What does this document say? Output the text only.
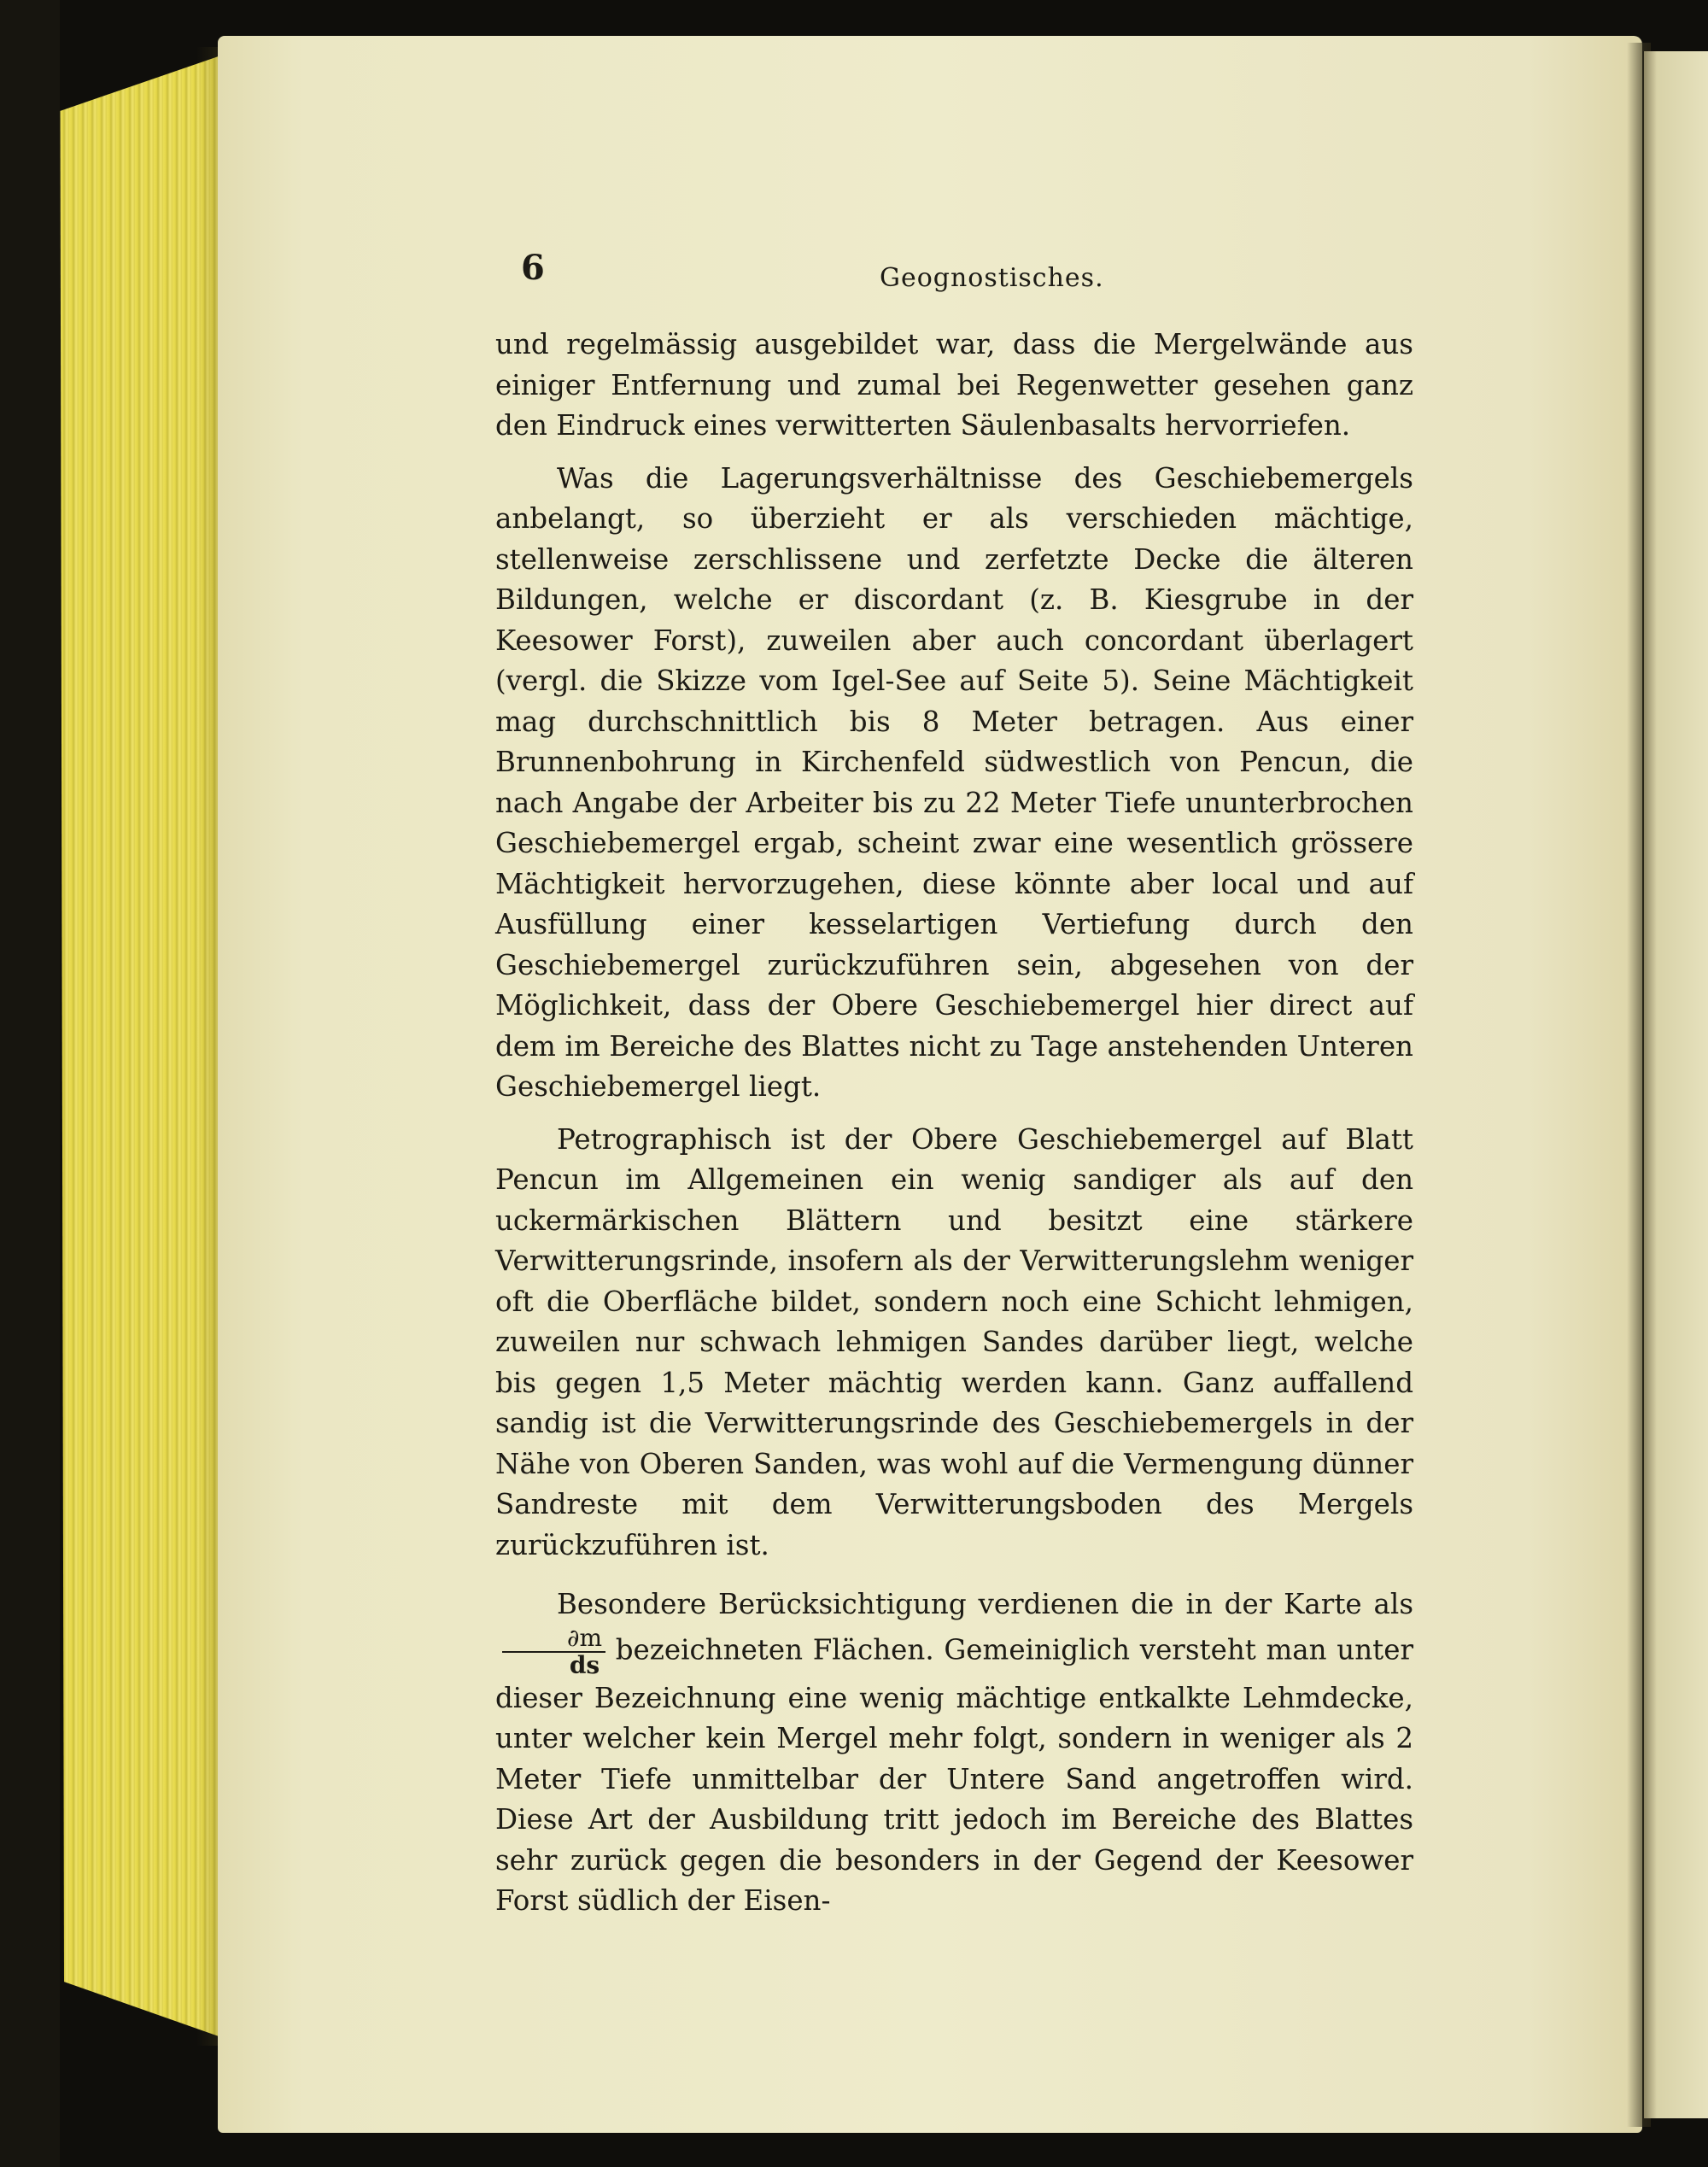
6	Geognostisches.

und regelmässig ausgebildet war, dass die Mergelwände aus einiger Entfernung und zumal bei Regenwetter gesehen ganz den Eindruck eines verwitterten Säulenbasalts hervorriefen.

Was die Lagerungsverhältnisse des Geschiebemergels anbelangt, so überzieht er als verschieden mächtige, stellenweise zerschlissene und zerfetzte Decke die älteren Bildungen, welche er discordant (z. B. Kiesgrube in der Keesower Forst), zuweilen aber auch concordant überlagert (vergl. die Skizze vom Igel-See auf Seite 5). Seine Mächtigkeit mag durchschnittlich bis 8 Meter betragen. Aus einer Brunnenbohrung in Kirchenfeld südwestlich von Pencun, die nach Angabe der Arbeiter bis zu 22 Meter Tiefe ununterbrochen Geschiebemergel ergab, scheint zwar eine wesentlich grössere Mächtigkeit hervorzugehen, diese könnte aber local und auf Ausfüllung einer kesselartigen Vertiefung durch den Geschiebemergel zurückzuführen sein, abgesehen von der Möglichkeit, dass der Obere Geschiebemergel hier direct auf dem im Bereiche des Blattes nicht zu Tage anstehenden Unteren Geschiebemergel liegt.

Petrographisch ist der Obere Geschiebemergel auf Blatt Pencun im Allgemeinen ein wenig sandiger als auf den uckermärkischen Blättern und besitzt eine stärkere Verwitterungsrinde, insofern als der Verwitterungslehm weniger oft die Oberfläche bildet, sondern noch eine Schicht lehmigen, zuweilen nur schwach lehmigen Sandes darüber liegt, welche bis gegen 1,5 Meter mächtig werden kann. Ganz auffallend sandig ist die Verwitterungsrinde des Geschiebemergels in der Nähe von Oberen Sanden, was wohl auf die Vermengung dünner Sandreste mit dem Verwitterungsboden des Mergels zurückzuführen ist.

Besondere Berücksichtigung verdienen die in der Karte als
$\frac{\partial m}{ds}$ bezeichneten Flächen. Gemeiniglich versteht man unter dieser Bezeichnung eine wenig mächtige entkalkte Lehmdecke, unter welcher kein Mergel mehr folgt, sondern in weniger als 2 Meter Tiefe unmittelbar der Untere Sand angetroffen wird. Diese Art der Ausbildung tritt jedoch im Bereiche des Blattes sehr zurück gegen die besonders in der Gegend der Keesower Forst südlich der Eisen-
